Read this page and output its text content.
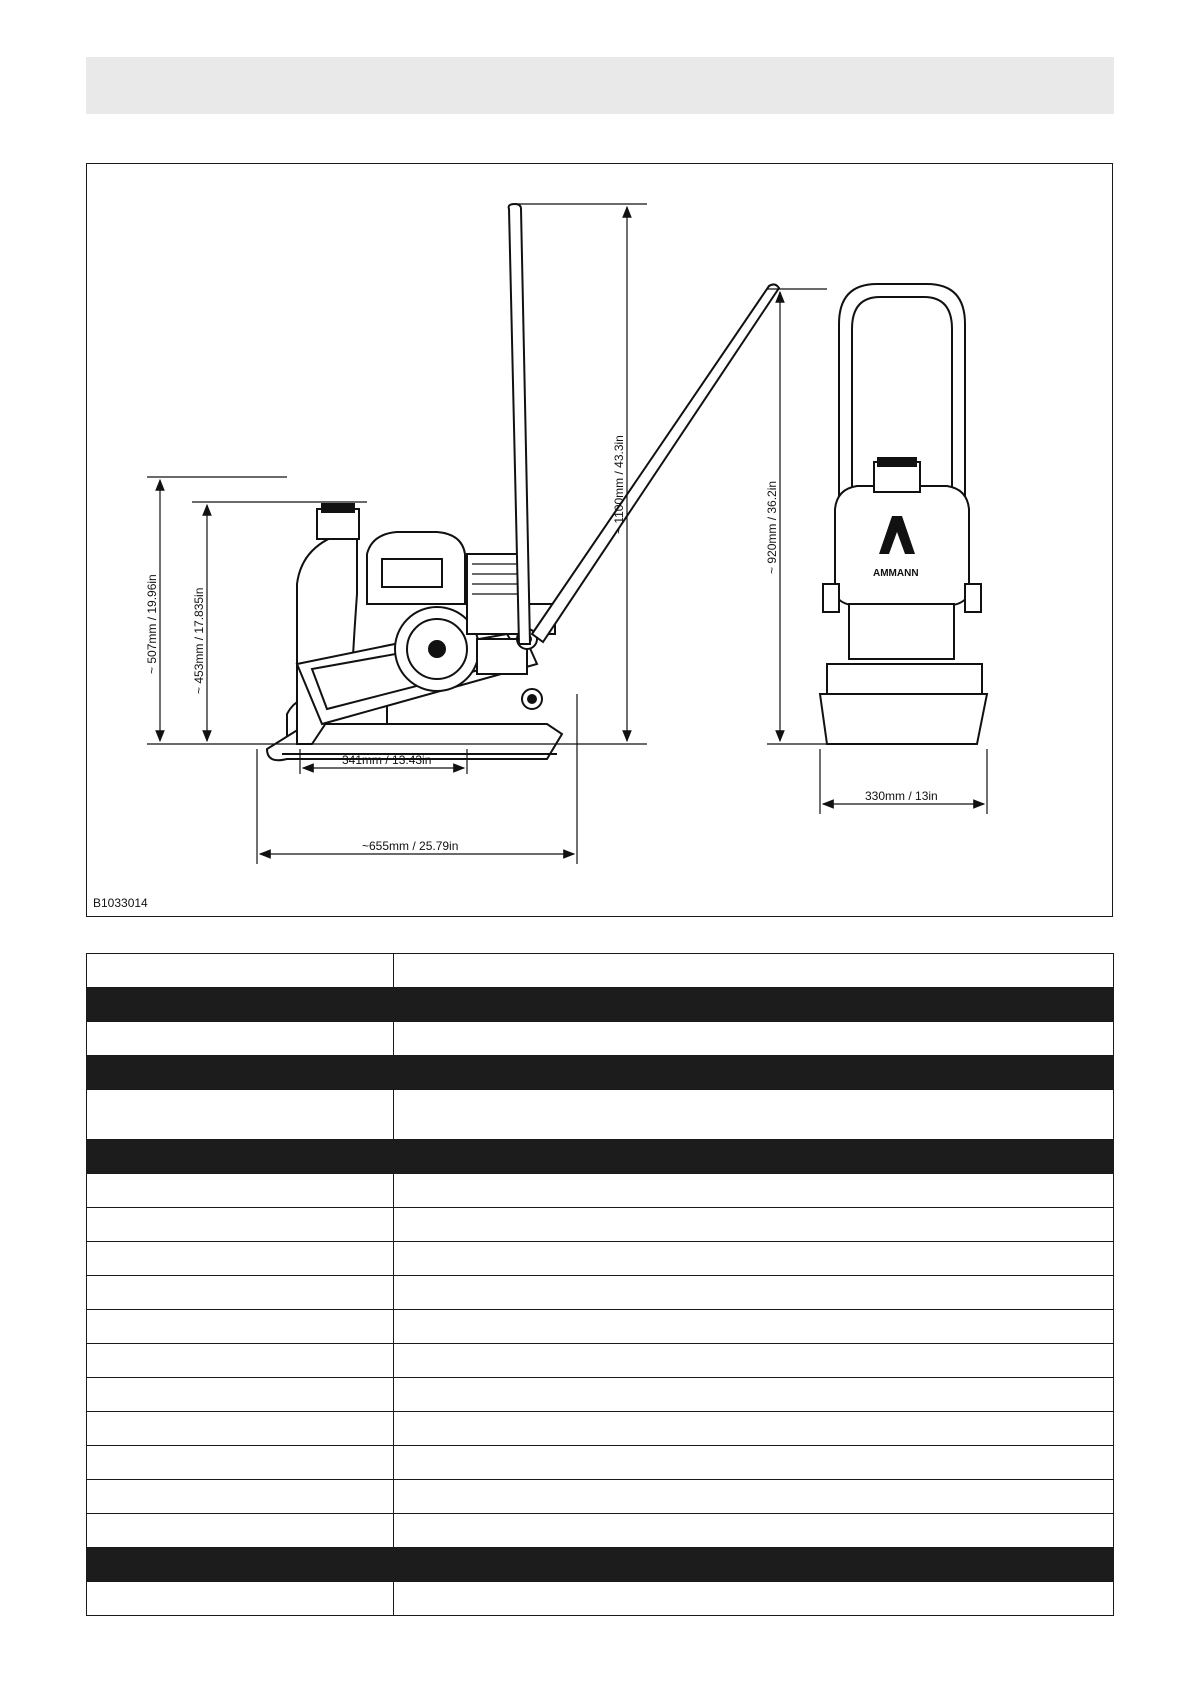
AMMANN
~ 507mm / 19.96in	~ 453mm / 17.835in
~ 1100mm / 43.3in	~ 920mm / 36.2in
341mm / 13.43in
~655mm / 25.79in
330mm / 13in
B1033014
